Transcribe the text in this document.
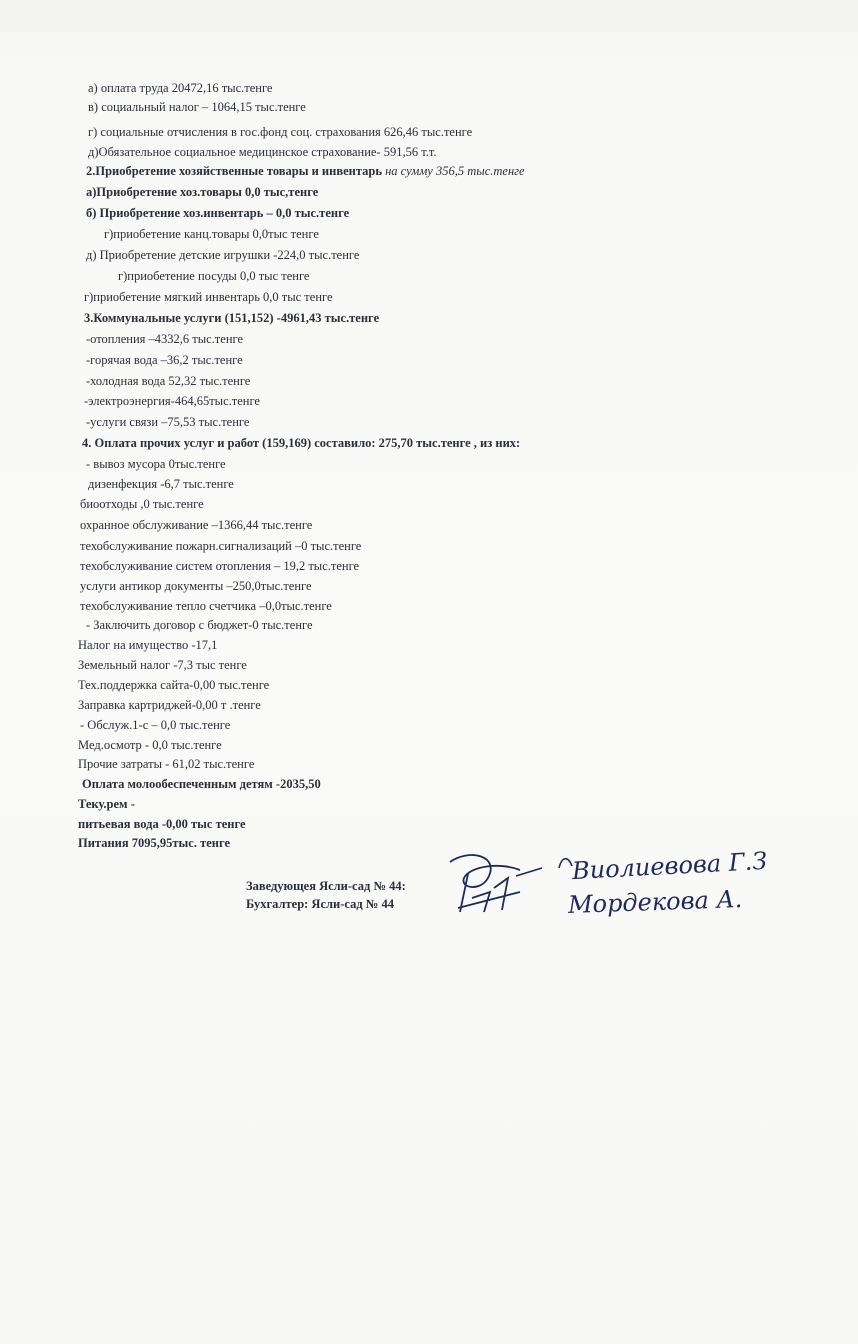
а) оплата труда 20472,16 тыс.тенге
в) социальный налог – 1064,15 тыс.тенге
г) социальные отчисления в гос.фонд соц. страхования 626,46 тыс.тенге
д)Обязательное социальное медицинское страхование- 591,56 т.т.
2.Приобретение хозяйственные товары и инвентарь на сумму 356,5 тыс.тенге
а)Приобретение хоз.товары 0,0 тыс,тенге
б) Приобретение хоз.инвентарь – 0,0 тыс.тенге
г)приобетение канц.товары 0,0тыс тенге
д) Приобретение детские игрушки -224,0 тыс.тенге
г)приобетение посуды 0,0 тыс тенге
г)приобетение мягкий инвентарь 0,0 тыс тенге
3.Коммунальные услуги (151,152) -4961,43 тыс.тенге
-отопления –4332,6 тыс.тенге
-горячая вода –36,2 тыс.тенге
-холодная вода 52,32 тыс.тенге
-электроэнергия-464,65тыс.тенге
-услуги связи –75,53 тыс.тенге
4. Оплата прочих услуг и работ (159,169) составило: 275,70 тыс.тенге , из них:
- вывоз мусора 0тыс.тенге
дизенфекция -6,7 тыс.тенге
биоотходы ,0 тыс.тенге
охранное обслуживание –1366,44 тыс.тенге
техобслуживание пожарн.сигнализаций –0 тыс.тенге
техобслуживание систем отопления – 19,2 тыс.тенге
услуги антикор документы –250,0тыс.тенге
техобслуживание тепло счетчика –0,0тыс.тенге
- Заключить договор с бюджет-0 тыс.тенге
Налог на имущество -17,1
Земельный налог -7,3 тыс тенге
Тех.поддержка сайта-0,00 тыс.тенге
Заправка картриджей-0,00 т .тенге
- Обслуж.1-с – 0,0 тыс.тенге
Мед.осмотр - 0,0 тыс.тенге
Прочие затраты - 61,02 тыс.тенге
Оплата молообеспеченным детям -2035,50
Теку.рем -
питьевая вода -0,00 тыс тенге
Питания 7095,95тыс. тенге
Заведующея Ясли-сад № 44:
Бухгалтер: Ясли-сад № 44
Виолиевова Г.З
Мордекова А.
